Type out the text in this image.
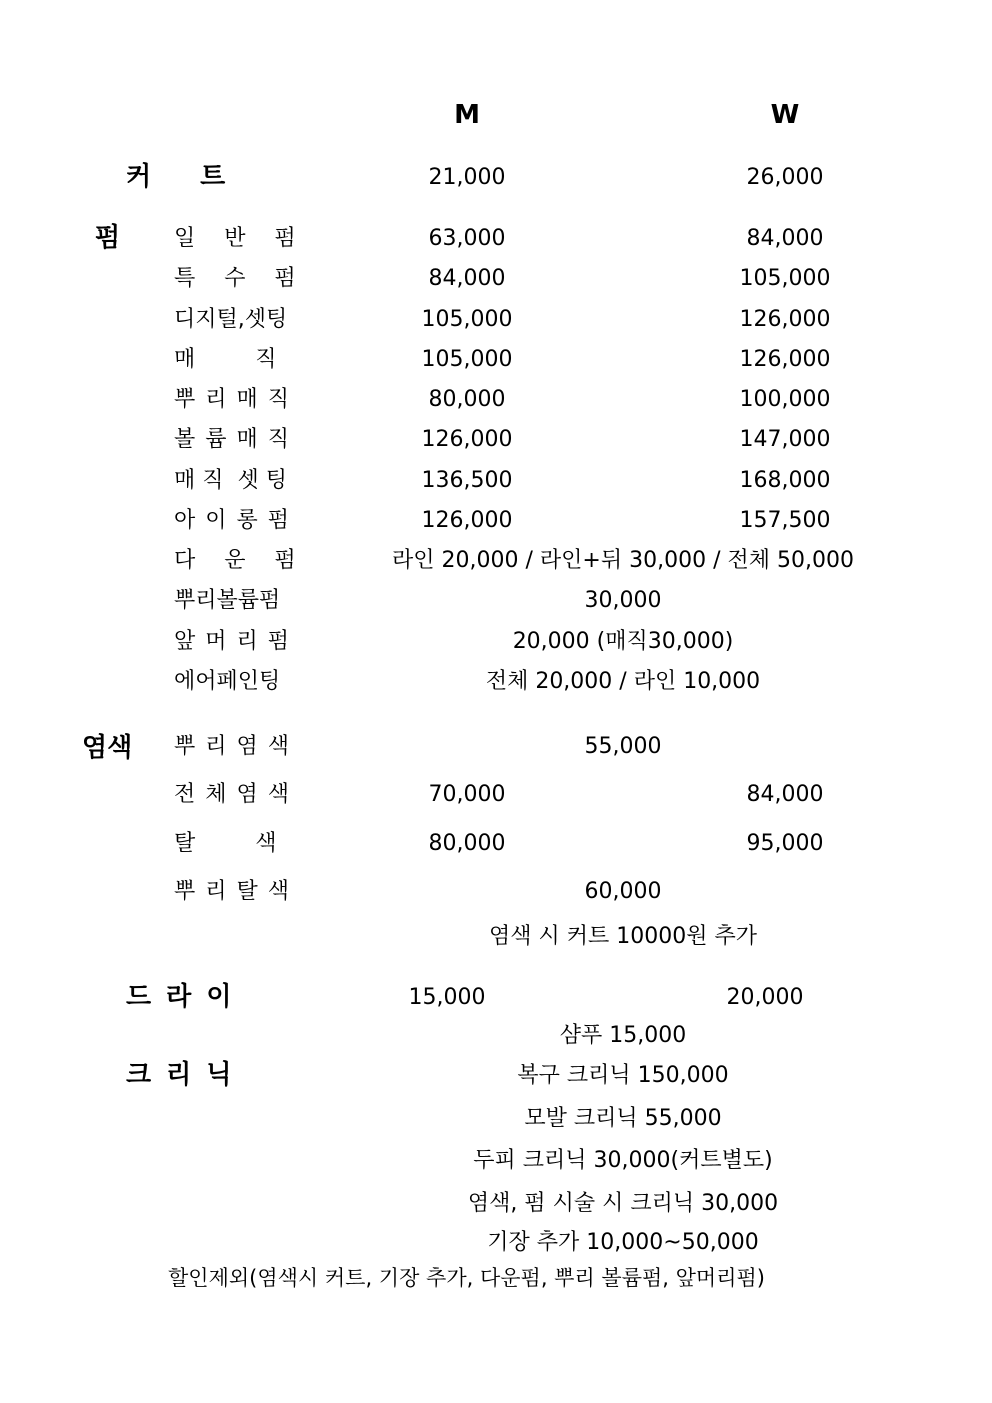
M	W
커 트	21,000	26,000
펌 일 반 펌	63,000	84,000
특 수 펌	84,000	105,000
디지털,셋팅	105,000	126,000
매    직	105,000	126,000
뿌 리 매 직	80,000	100,000
볼 륨 매 직	126,000	147,000
매 직  셋 팅	136,500	168,000
아 이 롱 펌	126,000	157,500
다 운 펌	라인 20,000 / 라인+뒤 30,000 / 전체 50,000
뿌리볼륨펌	30,000
앞 머 리 펌	20,000 (매직30,000)
에어페인팅	전체 20,000 / 라인 10,000
염색 뿌 리 염 색	55,000
전 체 염 색	70,000	84,000
탈    색	80,000	95,000
뿌 리 탈 색	60,000
염색 시 커트 10000원 추가
드 라 이	15,000	20,000
샴푸 15,000
크 리 닉	복구 크리닉 150,000
모발 크리닉 55,000
두피 크리닉 30,000(커트별도)
염색, 펌 시술 시 크리닉 30,000
기장 추가 10,000~50,000
할인제외(염색시 커트, 기장 추가, 다운펌, 뿌리 볼륨펌, 앞머리펌)
